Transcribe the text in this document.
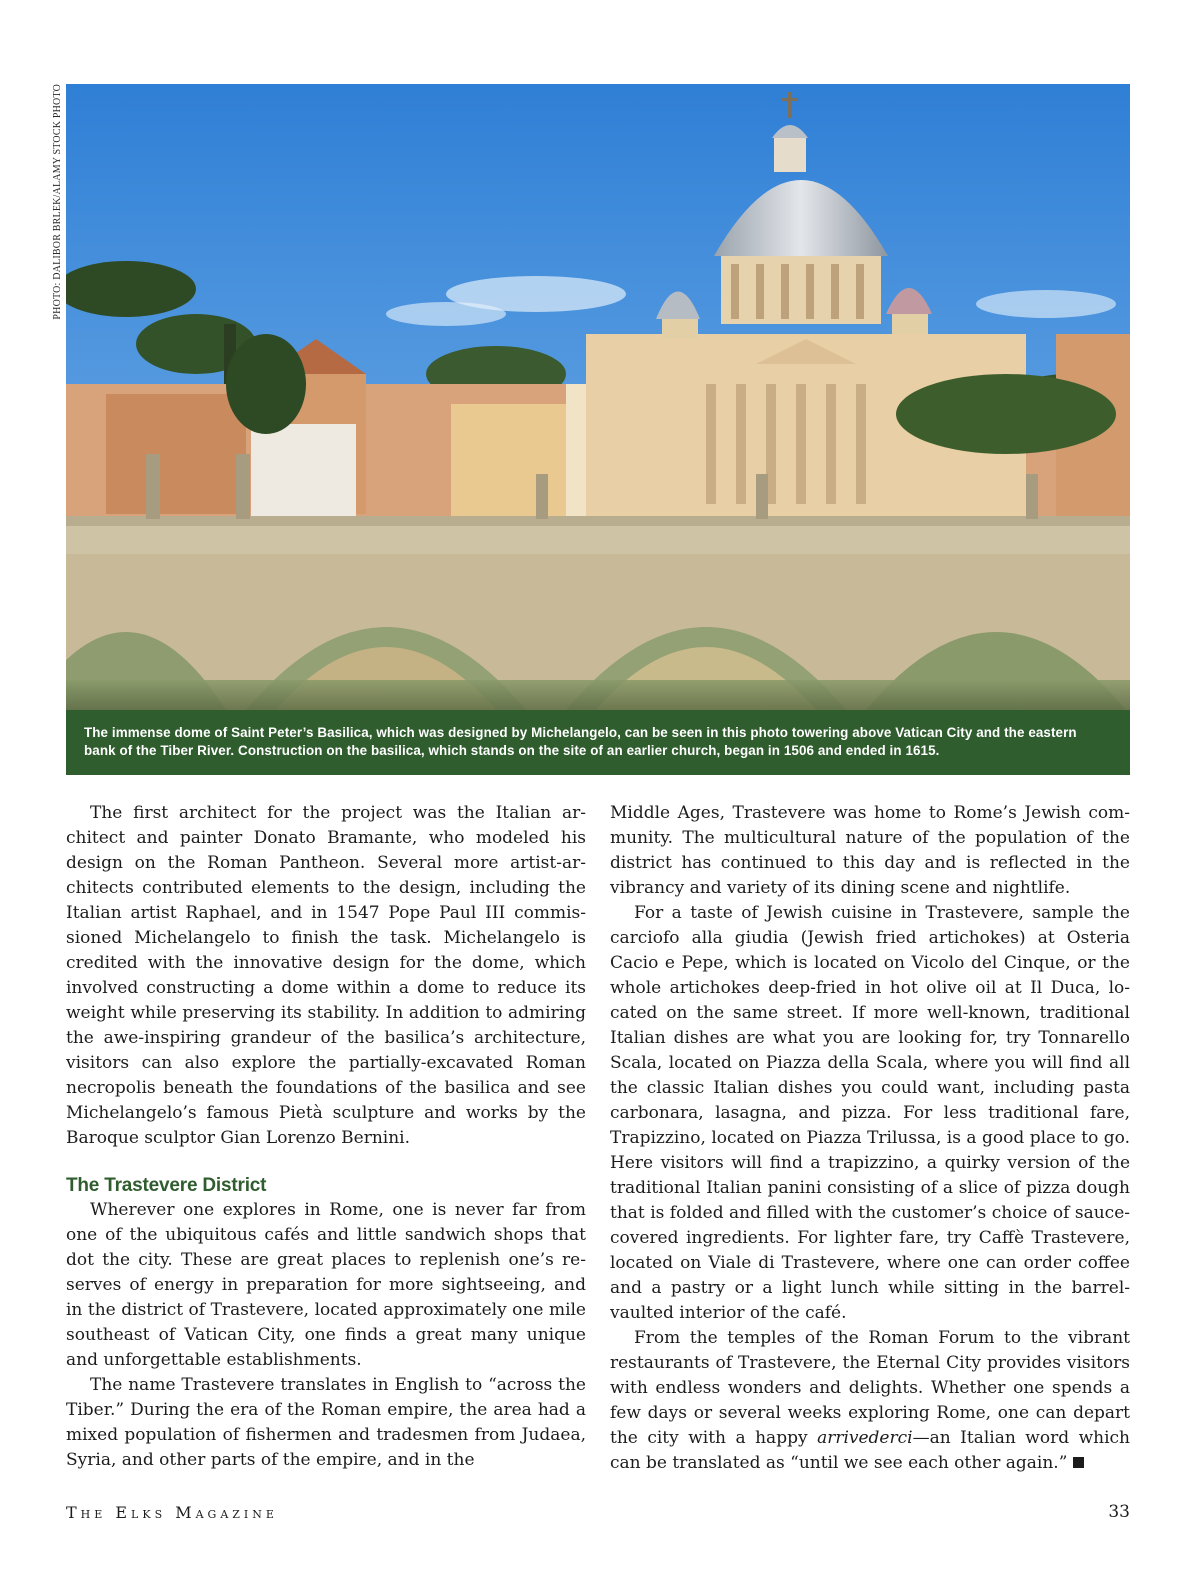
PHOTO: DALIBOR BRLEK/ALAMY STOCK PHOTO
The immense dome of Saint Peter’s Basilica, which was designed by Michelangelo, can be seen in this photo towering above Vatican City and the eastern bank of the Tiber River. Construction on the basilica, which stands on the site of an earlier church, began in 1506 and ended in 1615.

The first architect for the project was the Italian architect and painter Donato Bramante, who modeled his design on the Roman Pantheon. Several more artist-architects contributed elements to the design, including the Italian artist Raphael, and in 1547 Pope Paul III commissioned Michelangelo to finish the task. Michelangelo is credited with the innovative design for the dome, which involved constructing a dome within a dome to reduce its weight while preserving its stability. In addition to admiring the awe-inspiring grandeur of the basilica’s architecture, visitors can also explore the partially-excavated Roman necropolis beneath the foundations of the basilica and see Michelangelo’s famous Pietà sculpture and works by the Baroque sculptor Gian Lorenzo Bernini.

The Trastevere District

Wherever one explores in Rome, one is never far from one of the ubiquitous cafés and little sandwich shops that dot the city. These are great places to replenish one’s reserves of energy in preparation for more sightseeing, and in the district of Trastevere, located approximately one mile southeast of Vatican City, one finds a great many unique and unforgettable establishments.

The name Trastevere translates in English to “across the Tiber.” During the era of the Roman empire, the area had a mixed population of fishermen and tradesmen from Judaea, Syria, and other parts of the empire, and in the

Middle Ages, Trastevere was home to Rome’s Jewish community. The multicultural nature of the population of the district has continued to this day and is reflected in the vibrancy and variety of its dining scene and nightlife.

For a taste of Jewish cuisine in Trastevere, sample the carciofo alla giudia (Jewish fried artichokes) at Osteria Cacio e Pepe, which is located on Vicolo del Cinque, or the whole artichokes deep-fried in hot olive oil at Il Duca, located on the same street. If more well-known, traditional Italian dishes are what you are looking for, try Tonnarello Scala, located on Piazza della Scala, where you will find all the classic Italian dishes you could want, including pasta carbonara, lasagna, and pizza. For less traditional fare, Trapizzino, located on Piazza Trilussa, is a good place to go. Here visitors will find a trapizzino, a quirky version of the traditional Italian panini consisting of a slice of pizza dough that is folded and filled with the customer’s choice of sauce-covered ingredients. For lighter fare, try Caffè Trastevere, located on Viale di Trastevere, where one can order coffee and a pastry or a light lunch while sitting in the barrel-vaulted interior of the café.

From the temples of the Roman Forum to the vibrant restaurants of Trastevere, the Eternal City provides visitors with endless wonders and delights. Whether one spends a few days or several weeks exploring Rome, one can depart the city with a happy arrivederci—an Italian word which can be translated as “until we see each other again.”

The Elks Magazine	33
